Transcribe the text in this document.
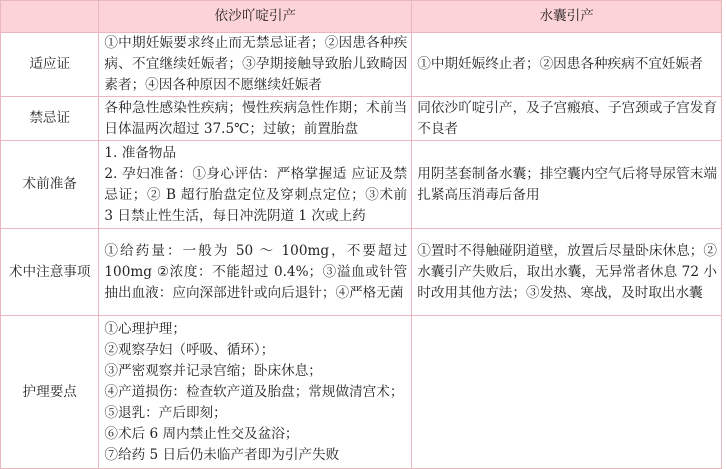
	依沙吖啶引产	水囊引产
适应证	①中期妊娠要求终止而无禁忌证者；②因患各种疾病、不宜继续妊娠者；③孕期接触导致胎儿致畸因素者；④因各种原因不愿继续妊娠者	①中期妊娠终止者；②因患各种疾病不宜妊娠者

禁忌证	各种急性感染性疾病；慢性疾病急性作期；术前当日体温两次超过 37.5℃；过敏；前置胎盘	同依沙吖啶引产，及子宫瘢痕、子宫颈或子宫发育不良者

术前准备	1. 准备物品
2. 孕妇准备：①身心评估：严格掌握适 应证及禁忌证；② B 超行胎盘定位及穿刺点定位；③术前 3 日禁止性生活，每日冲洗阴道 1 次或上药	用阴茎套制备水囊；排空囊内空气后将导尿管末端扎紧高压消毒后备用

术中注意事项	①给药量：一般为 50 ～ 100mg，不要超过 100mg ②浓度：不能超过 0.4%；③溢血或针管抽出血液：应向深部进针或向后退针；④严格无菌	①置时不得触碰阴道壁，放置后尽量卧床休息；②水囊引产失败后，取出水囊，无异常者休息 72 小时改用其他方法；③发热、寒战，及时取出水囊

护理要点	
①心理护理；
②观察孕妇（呼吸、循环）；
③严密观察并记录宫缩；卧床休息；
④产道损伤：检查软产道及胎盘；常规做清宫术；
⑤退乳：产后即刻；
⑥术后 6 周内禁止性交及盆浴；
⑦给药 5 日后仍未临产者即为引产失败
